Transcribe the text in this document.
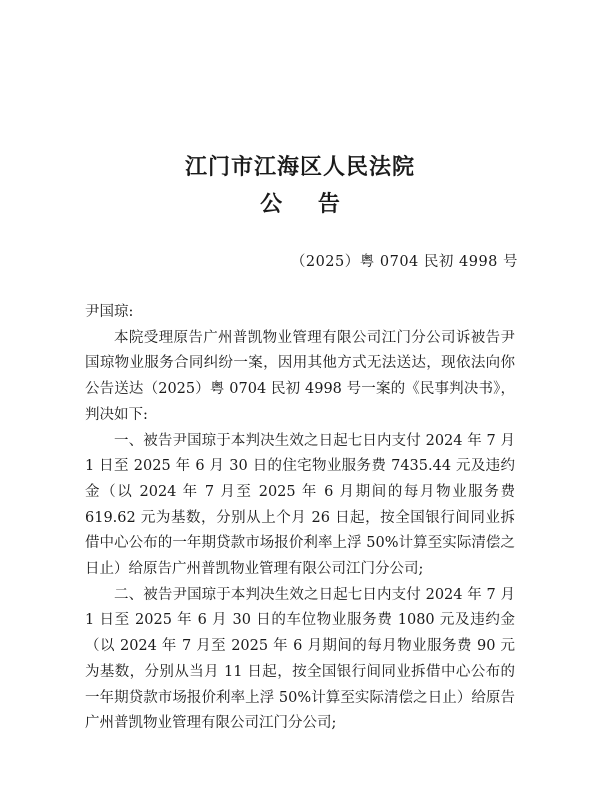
江门市江海区人民法院
公 告
（2025）粤 0704 民初 4998 号

尹国琼:

本院受理原告广州普凯物业管理有限公司江门分公司诉被告尹国琼物业服务合同纠纷一案，因用其他方式无法送达，现依法向你公告送达（2025）粤 0704 民初 4998 号一案的《民事判决书》，判决如下:

一、被告尹国琼于本判决生效之日起七日内支付 2024 年 7 月 1 日至 2025 年 6 月 30 日的住宅物业服务费 7435.44 元及违约金（以 2024 年 7 月至 2025 年 6 月期间的每月物业服务费 619.62 元为基数，分别从上个月 26 日起，按全国银行间同业拆借中心公布的一年期贷款市场报价利率上浮 50%计算至实际清偿之日止）给原告广州普凯物业管理有限公司江门分公司;

二、被告尹国琼于本判决生效之日起七日内支付 2024 年 7 月 1 日至 2025 年 6 月 30 日的车位物业服务费 1080 元及违约金（以 2024 年 7 月至 2025 年 6 月期间的每月物业服务费 90 元为基数，分别从当月 11 日起，按全国银行间同业拆借中心公布的一年期贷款市场报价利率上浮 50%计算至实际清偿之日止）给原告广州普凯物业管理有限公司江门分公司;
